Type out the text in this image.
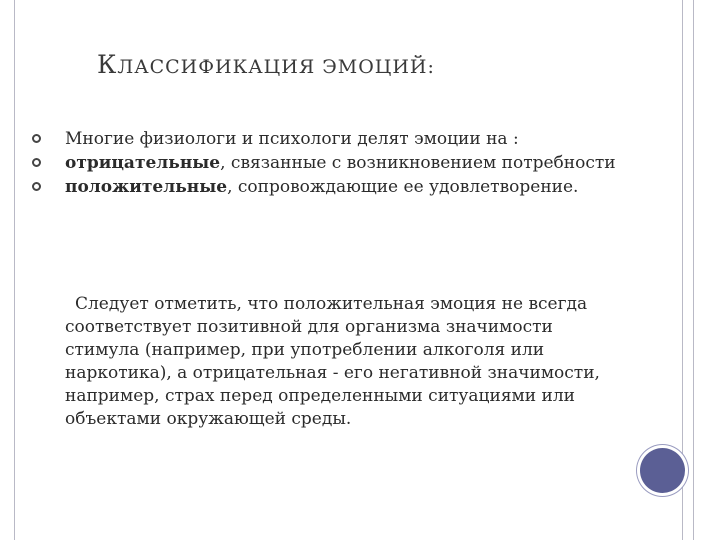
КЛАССИФИКАЦИЯ ЭМОЦИЙ:
Многие физиологи и психологи делят эмоции на :
отрицательные, связанные с возникновением потребности
положительные, сопровождающие ее удовлетворение.

Следует отметить, что положительная эмоция не всегда соответствует позитивной для организма значимости стимула (например, при употреблении алкоголя или наркотика), а отрицательная - его негативной значимости, например, страх перед определенными ситуациями или объектами окружающей среды.
